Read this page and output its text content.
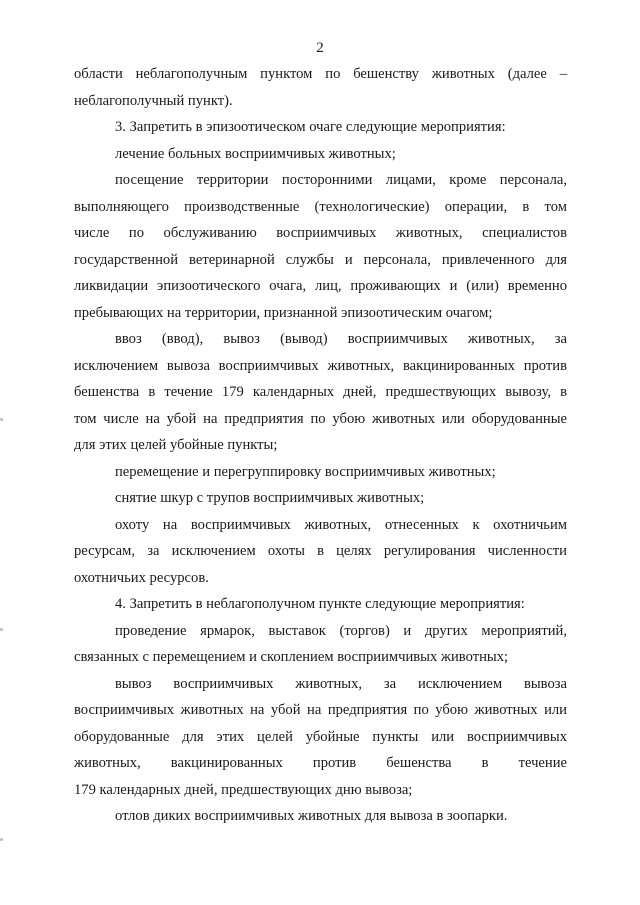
2
области неблагополучным пунктом по бешенству животных (далее –
неблагополучный пункт).
3. Запретить в эпизоотическом очаге следующие мероприятия:
лечение больных восприимчивых животных;
посещение территории посторонними лицами, кроме персонала,
выполняющего производственные (технологические) операции, в том
числе по обслуживанию восприимчивых животных, специалистов
государственной ветеринарной службы и персонала, привлеченного для
ликвидации эпизоотического очага, лиц, проживающих и (или) временно
пребывающих на территории, признанной эпизоотическим очагом;
ввоз (ввод), вывоз (вывод) восприимчивых животных, за
исключением вывоза восприимчивых животных, вакцинированных против
бешенства в течение 179 календарных дней, предшествующих вывозу, в
том числе на убой на предприятия по убою животных или оборудованные
для этих целей убойные пункты;
перемещение и перегруппировку восприимчивых животных;
снятие шкур с трупов восприимчивых животных;
охоту на восприимчивых животных, отнесенных к охотничьим
ресурсам, за исключением охоты в целях регулирования численности
охотничьих ресурсов.
4. Запретить в неблагополучном пункте следующие мероприятия:
проведение ярмарок, выставок (торгов) и других мероприятий,
связанных с перемещением и скоплением восприимчивых животных;
вывоз восприимчивых животных, за исключением вывоза
восприимчивых животных на убой на предприятия по убою животных или
оборудованные для этих целей убойные пункты или восприимчивых
животных, вакцинированных против бешенства в течение
179 календарных дней, предшествующих дню вывоза;
отлов диких восприимчивых животных для вывоза в зоопарки.
